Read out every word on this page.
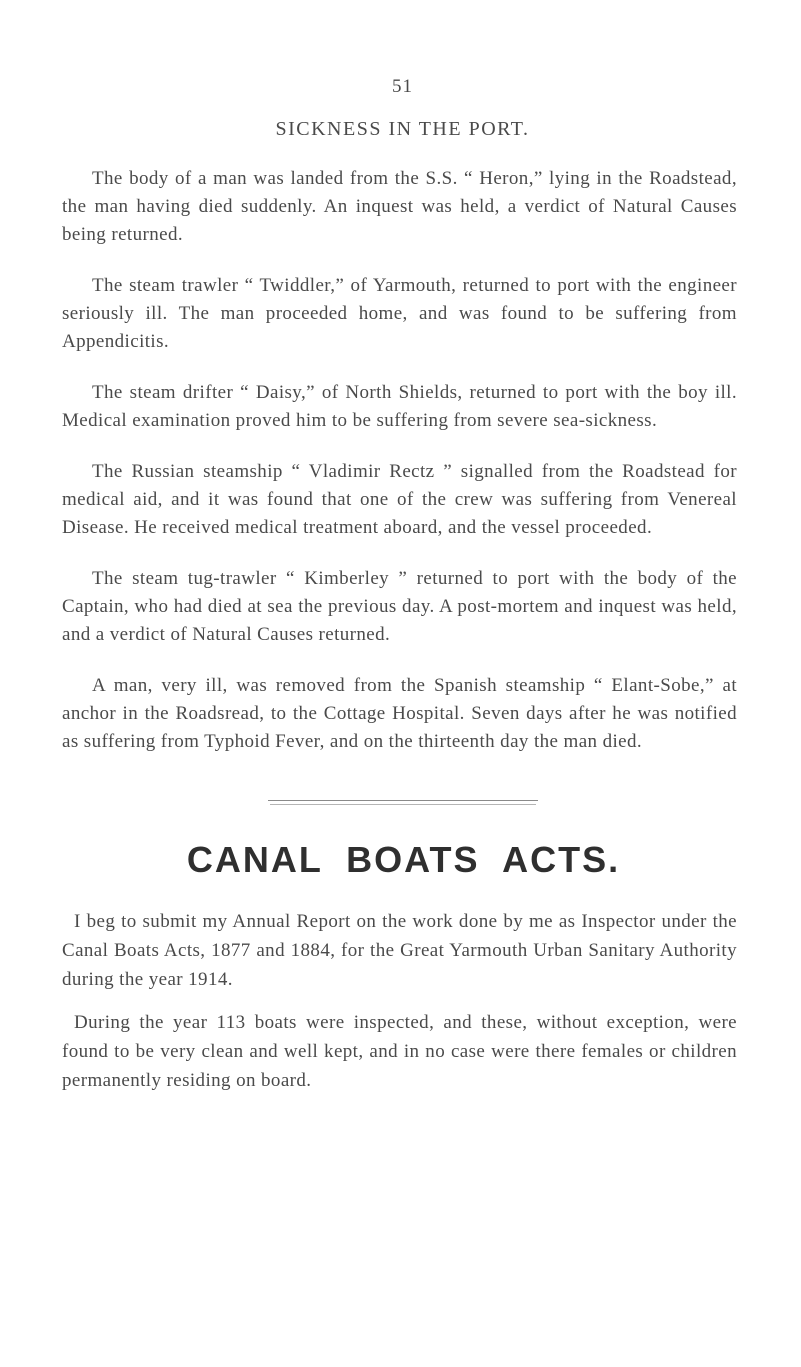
51
SICKNESS IN THE PORT.

The body of a man was landed from the S.S. “ Heron,” lying in the Roadstead, the man having died suddenly. An inquest was held, a verdict of Natural Causes being returned.

The steam trawler “ Twiddler,” of Yarmouth, returned to port with the engineer seriously ill. The man proceeded home, and was found to be suffering from Appendicitis.

The steam drifter “ Daisy,” of North Shields, returned to port with the boy ill. Medical examination proved him to be suffering from severe sea-sickness.

The Russian steamship “ Vladimir Rectz ” signalled from the Roadstead for medical aid, and it was found that one of the crew was suffering from Venereal Disease. He received medical treatment aboard, and the vessel proceeded.

The steam tug-trawler “ Kimberley ” returned to port with the body of the Captain, who had died at sea the previous day. A post-mortem and inquest was held, and a verdict of Natural Causes returned.

A man, very ill, was removed from the Spanish steamship “ Elant-Sobe,” at anchor in the Roadsread, to the Cottage Hospital. Seven days after he was notified as suffering from Typhoid Fever, and on the thirteenth day the man died.

CANAL BOATS ACTS.

I beg to submit my Annual Report on the work done by me as Inspector under the Canal Boats Acts, 1877 and 1884, for the Great Yarmouth Urban Sanitary Authority during the year 1914.

During the year 113 boats were inspected, and these, without exception, were found to be very clean and well kept, and in no case were there females or children permanently residing on board.
